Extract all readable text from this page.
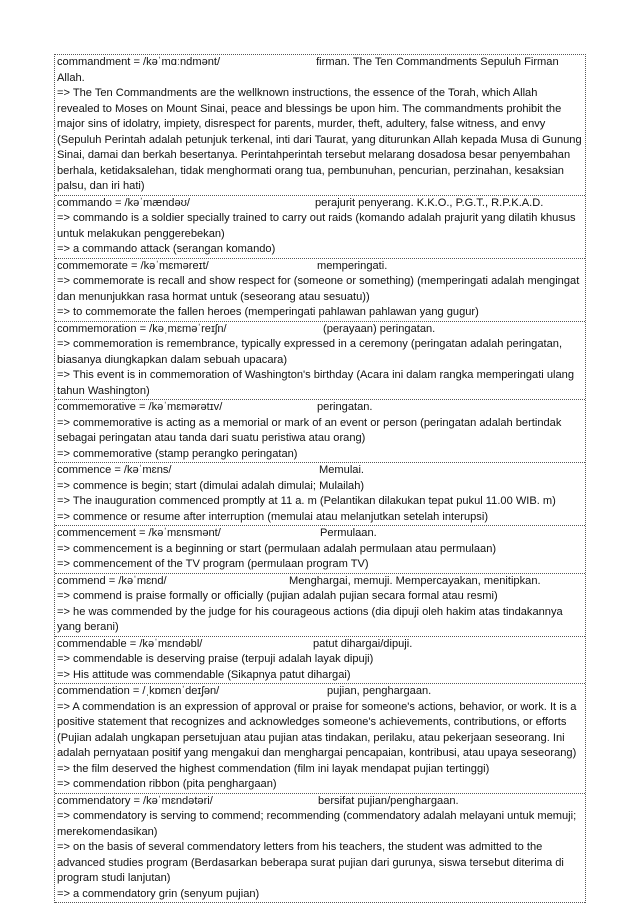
commandment = /kəˈmɑːndmənt/	firman. The Ten Commandments Sepuluh Firman Allah.
=> The Ten Commandments are the wellknown instructions, the essence of the Torah, which Allah revealed to Moses on Mount Sinai, peace and blessings be upon him. The commandments prohibit the major sins of idolatry, impiety, disrespect for parents, murder, theft, adultery, false witness, and envy (Sepuluh Perintah adalah petunjuk terkenal, inti dari Taurat, yang diturunkan Allah kepada Musa di Gunung Sinai, damai dan berkah besertanya. Perintahperintah tersebut melarang dosadosa besar penyembahan berhala, ketidaksalehan, tidak menghormati orang tua, pembunuhan, pencurian, perzinahan, kesaksian palsu, dan iri hati)
commando = /kəˈmændəʊ/	perajurit penyerang. K.K.O., P.G.T., R.P.K.A.D.
=> commando is a soldier specially trained to carry out raids (komando adalah prajurit yang dilatih khusus untuk melakukan penggerebekan)
=> a commando attack (serangan komando)
commemorate = /kəˈmɛməreɪt/	memperingati.
=> commemorate is recall and show respect for (someone or something) (memperingati adalah mengingat dan menunjukkan rasa hormat untuk (seseorang atau sesuatu))
=> to commemorate the fallen heroes (memperingati pahlawan pahlawan yang gugur)
commemoration = /kəˌmɛməˈreɪʃn/	(perayaan) peringatan.
=> commemoration is remembrance, typically expressed in a ceremony (peringatan adalah peringatan, biasanya diungkapkan dalam sebuah upacara)
=> This event is in commemoration of Washington's birthday (Acara ini dalam rangka memperingati ulang tahun Washington)
commemorative = /kəˈmɛmərətɪv/	peringatan.
=> commemorative is acting as a memorial or mark of an event or person (peringatan adalah bertindak sebagai peringatan atau tanda dari suatu peristiwa atau orang)
=> commemorative (stamp perangko peringatan)
commence = /kəˈmɛns/	Memulai.
=> commence is begin; start (dimulai adalah dimulai; Mulailah)
=> The inauguration commenced promptly at 11 a. m (Pelantikan dilakukan tepat pukul 11.00 WIB. m)
=> commence or resume after interruption (memulai atau melanjutkan setelah interupsi)
commencement = /kəˈmɛnsmənt/	Permulaan.
=> commencement is a beginning or start (permulaan adalah permulaan atau permulaan)
=> commencement of the TV program (permulaan program TV)
commend = /kəˈmɛnd/	Menghargai, memuji. Mempercayakan, menitipkan.
=> commend is praise formally or officially (pujian adalah pujian secara formal atau resmi)
=> he was commended by the judge for his courageous actions (dia dipuji oleh hakim atas tindakannya yang berani)
commendable = /kəˈmɛndəbl/	patut dihargai/dipuji.
=> commendable is deserving praise (terpuji adalah layak dipuji)
=> His attitude was commendable (Sikapnya patut dihargai)
commendation = /ˌkɒmɛnˈdeɪʃən/	pujian, penghargaan.
=> A commendation is an expression of approval or praise for someone's actions, behavior, or work. It is a positive statement that recognizes and acknowledges someone's achievements, contributions, or efforts (Pujian adalah ungkapan persetujuan atau pujian atas tindakan, perilaku, atau pekerjaan seseorang. Ini adalah pernyataan positif yang mengakui dan menghargai pencapaian, kontribusi, atau upaya seseorang)
=> the film deserved the highest commendation (film ini layak mendapat pujian tertinggi)
=> commendation ribbon (pita penghargaan)
commendatory = /kəˈmɛndətəri/	bersifat pujian/penghargaan.
=> commendatory is serving to commend; recommending (commendatory adalah melayani untuk memuji; merekomendasikan)
=> on the basis of several commendatory letters from his teachers, the student was admitted to the advanced studies program (Berdasarkan beberapa surat pujian dari gurunya, siswa tersebut diterima di program studi lanjutan)
=> a commendatory grin (senyum pujian)
